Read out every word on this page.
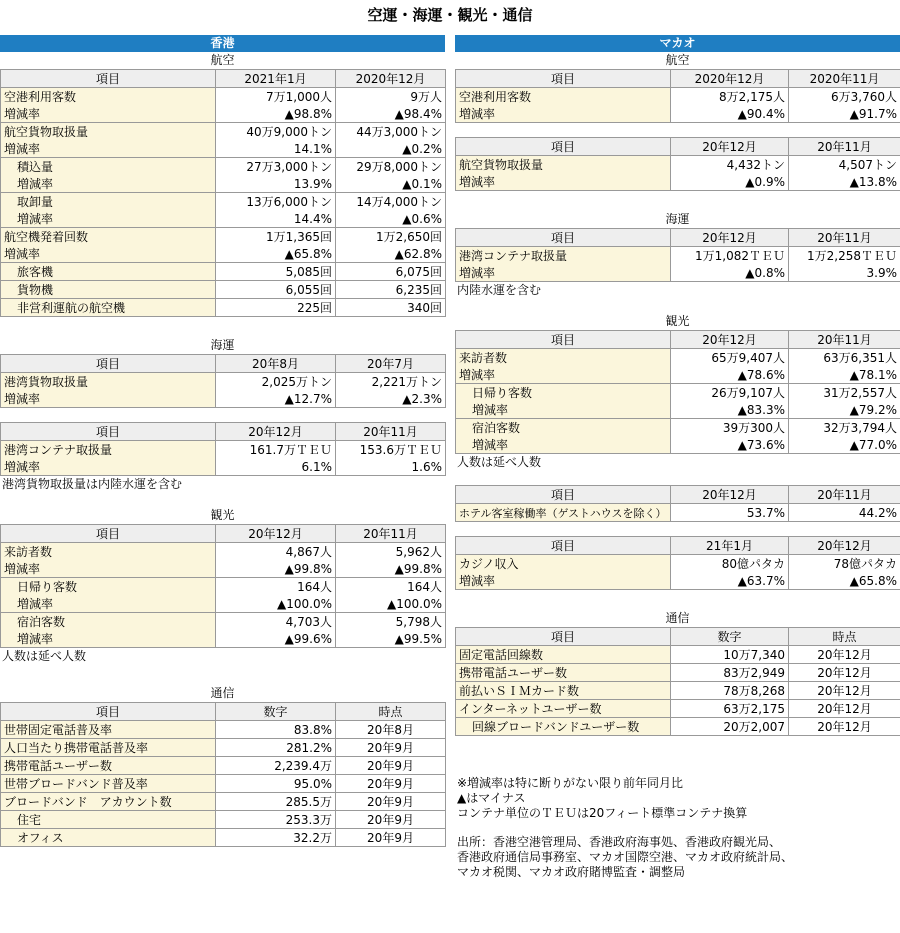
空運・海運・観光・通信
香港
航空
項目	2021年1月	2020年12月
空港利用客数	7万1,000人	9万人
増減率	▲98.8%	▲98.4%
航空貨物取扱量	40万9,000トン	44万3,000トン
増減率	14.1%	▲0.2%
積込量	27万3,000トン	29万8,000トン
増減率	13.9%	▲0.1%
取卸量	13万6,000トン	14万4,000トン
増減率	14.4%	▲0.6%
航空機発着回数	1万1,365回	1万2,650回
増減率	▲65.8%	▲62.8%
旅客機	5,085回	6,075回
貨物機	6,055回	6,235回
非営利運航の航空機	225回	340回
海運
項目	20年8月	20年7月
港湾貨物取扱量	2,025万トン	2,221万トン
増減率	▲12.7%	▲2.3%
項目	20年12月	20年11月
港湾コンテナ取扱量	161.7万ＴＥＵ	153.6万ＴＥＵ
増減率	6.1%	1.6%
港湾貨物取扱量は内陸水運を含む
観光
項目	20年12月	20年11月
来訪者数	4,867人	5,962人
増減率	▲99.8%	▲99.8%
日帰り客数	164人	164人
増減率	▲100.0%	▲100.0%
宿泊客数	4,703人	5,798人
増減率	▲99.6%	▲99.5%
人数は延べ人数
通信
項目	数字	時点
世帯固定電話普及率	83.8%	20年8月
人口当たり携帯電話普及率	281.2%	20年9月
携帯電話ユーザー数	2,239.4万	20年9月
世帯ブロードバンド普及率	95.0%	20年9月
ブロードバンド　アカウント数	285.5万	20年9月
住宅	253.3万	20年9月
オフィス	32.2万	20年9月
マカオ
航空
項目	2020年12月	2020年11月
空港利用客数	8万2,175人	6万3,760人
増減率	▲90.4%	▲91.7%
項目	20年12月	20年11月
航空貨物取扱量	4,432トン	4,507トン
増減率	▲0.9%	▲13.8%
海運
項目	20年12月	20年11月
港湾コンテナ取扱量	1万1,082ＴＥＵ	1万2,258ＴＥＵ
増減率	▲0.8%	3.9%
内陸水運を含む
観光
項目	20年12月	20年11月
来訪者数	65万9,407人	63万6,351人
増減率	▲78.6%	▲78.1%
日帰り客数	26万9,107人	31万2,557人
増減率	▲83.3%	▲79.2%
宿泊客数	39万300人	32万3,794人
増減率	▲73.6%	▲77.0%
人数は延べ人数
項目	20年12月	20年11月
ホテル客室稼働率（ゲストハウスを除く）	53.7%	44.2%
項目	21年1月	20年12月
カジノ収入	80億パタカ	78億パタカ
増減率	▲63.7%	▲65.8%
通信
項目	数字	時点
固定電話回線数	10万7,340	20年12月
携帯電話ユーザー数	83万2,949	20年12月
前払いＳＩＭカード数	78万8,268	20年12月
インターネットユーザー数	63万2,175	20年12月
回線ブロードバンドユーザー数	20万2,007	20年12月
※増減率は特に断りがない限り前年同月比
▲はマイナス
コンテナ単位のＴＥＵは20フィート標準コンテナ換算
出所：香港空港管理局、香港政府海事処、香港政府観光局、
香港政府通信局事務室、マカオ国際空港、マカオ政府統計局、
マカオ税関、マカオ政府賭博監査・調整局
